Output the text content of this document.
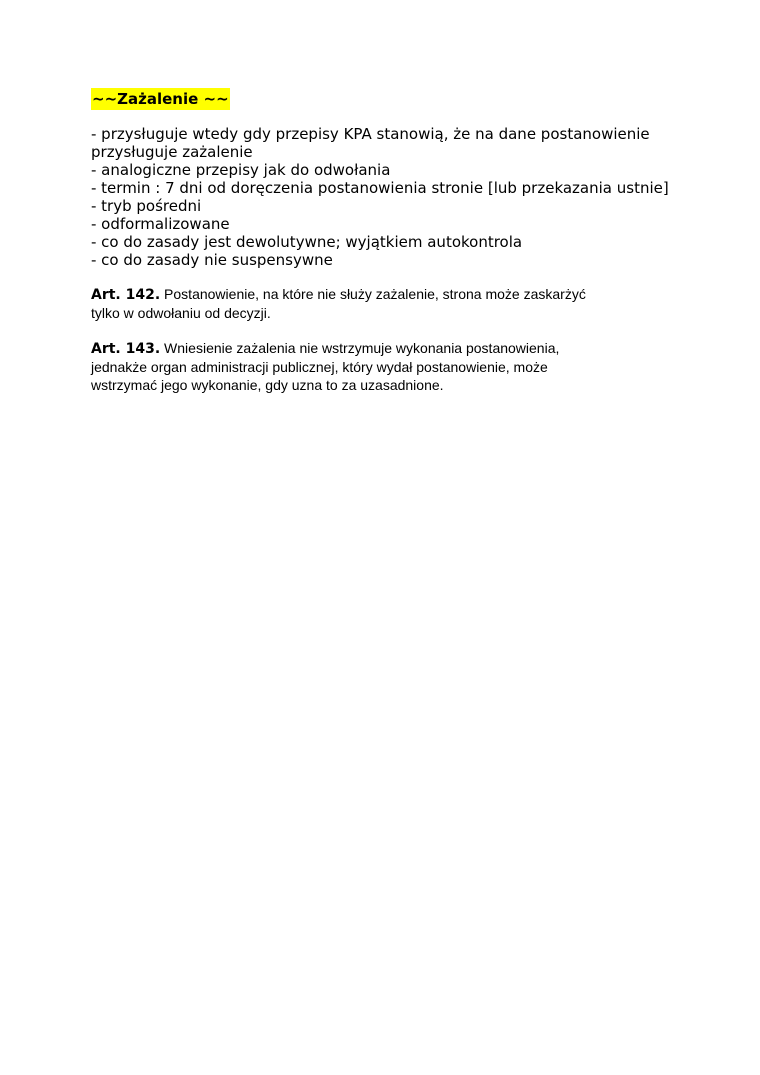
~~Zażalenie ~~
- przysługuje wtedy gdy przepisy KPA stanowią, że na dane postanowienie przysługuje zażalenie
- analogiczne przepisy jak do odwołania
- termin : 7 dni od doręczenia postanowienia stronie [lub przekazania ustnie]
- tryb pośredni
- odformalizowane
- co do zasady jest dewolutywne; wyjątkiem autokontrola
- co do zasady nie suspensywne
Art. 142. Postanowienie, na które nie służy zażalenie, strona może zaskarżyć
tylko w odwołaniu od decyzji.
Art. 143. Wniesienie zażalenia nie wstrzymuje wykonania postanowienia,
jednakże organ administracji publicznej, który wydał postanowienie, może
wstrzymać jego wykonanie, gdy uzna to za uzasadnione.
